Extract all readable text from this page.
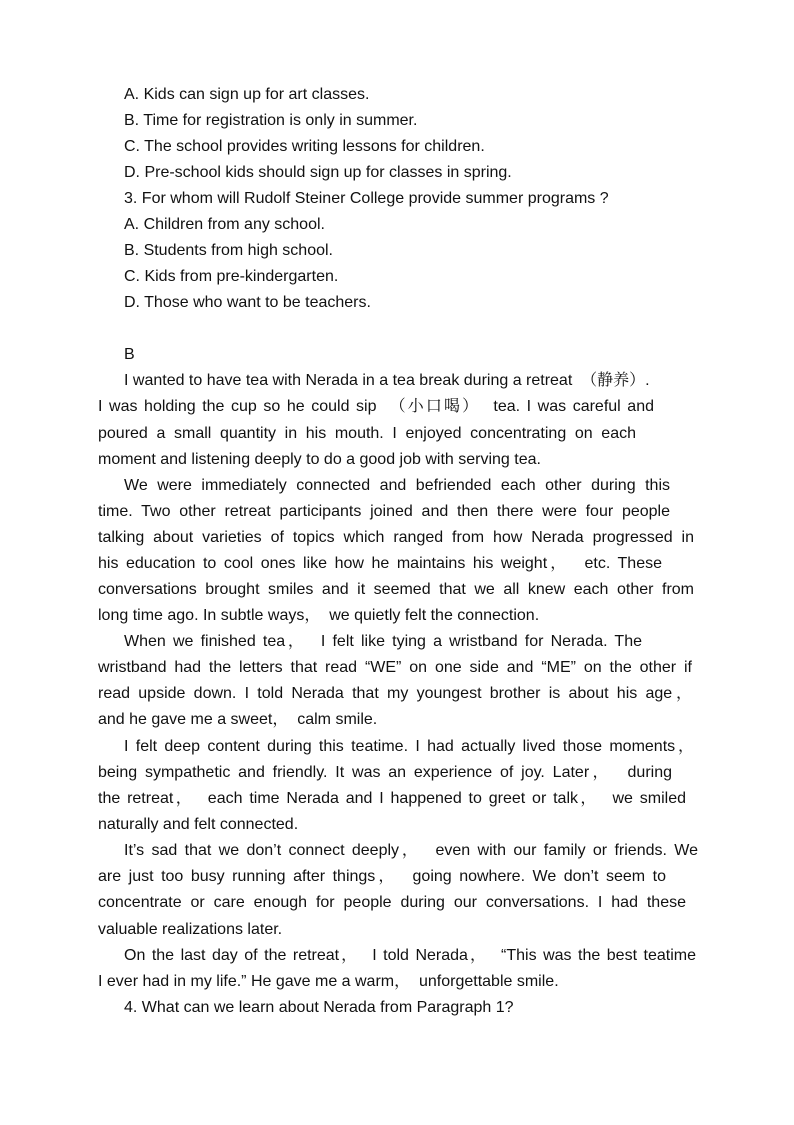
A. Kids can sign up for art classes.
B. Time for registration is only in summer.
C. The school provides writing lessons for children.
D. Pre-school kids should sign up for classes in spring.
3. For whom will Rudolf Steiner College provide summer programs ?
A. Children from any school.
B. Students from high school.
C. Kids from pre-kindergarten.
D. Those who want to be teachers.
B
I wanted to have tea with Nerada in a tea break during a retreat  （静养）.
I was holding the cup so he could sip  （小口喝）  tea. I was careful and
poured a small quantity in his mouth. I enjoyed concentrating on each
moment and listening deeply to do a good job with serving tea.
We were immediately connected and befriended each other during this
time. Two other retreat participants joined and then there were four people
talking about varieties of topics which ranged from how Nerada progressed in
his education to cool ones like how he maintains his weight，  etc. These
conversations brought smiles and it seemed that we all knew each other from
long time ago. In subtle ways，  we quietly felt the connection.
When we finished tea，  I felt like tying a wristband for Nerada. The
wristband had the letters that read “WE” on one side and “ME” on the other if
read upside down. I told Nerada that my youngest brother is about his age，
and he gave me a sweet，  calm smile.
I felt deep content during this teatime. I had actually lived those moments，
being sympathetic and friendly. It was an experience of joy. Later，  during
the retreat，  each time Nerada and I happened to greet or talk，  we smiled
naturally and felt connected.
It’s sad that we don’t connect deeply，  even with our family or friends. We
are just too busy running after things，  going nowhere. We don’t seem to
concentrate or care enough for people during our conversations. I had these
valuable realizations later.
On the last day of the retreat，  I told Nerada，  “This was the best teatime
I ever had in my life.” He gave me a warm，  unforgettable smile.
4. What can we learn about Nerada from Paragraph 1?
